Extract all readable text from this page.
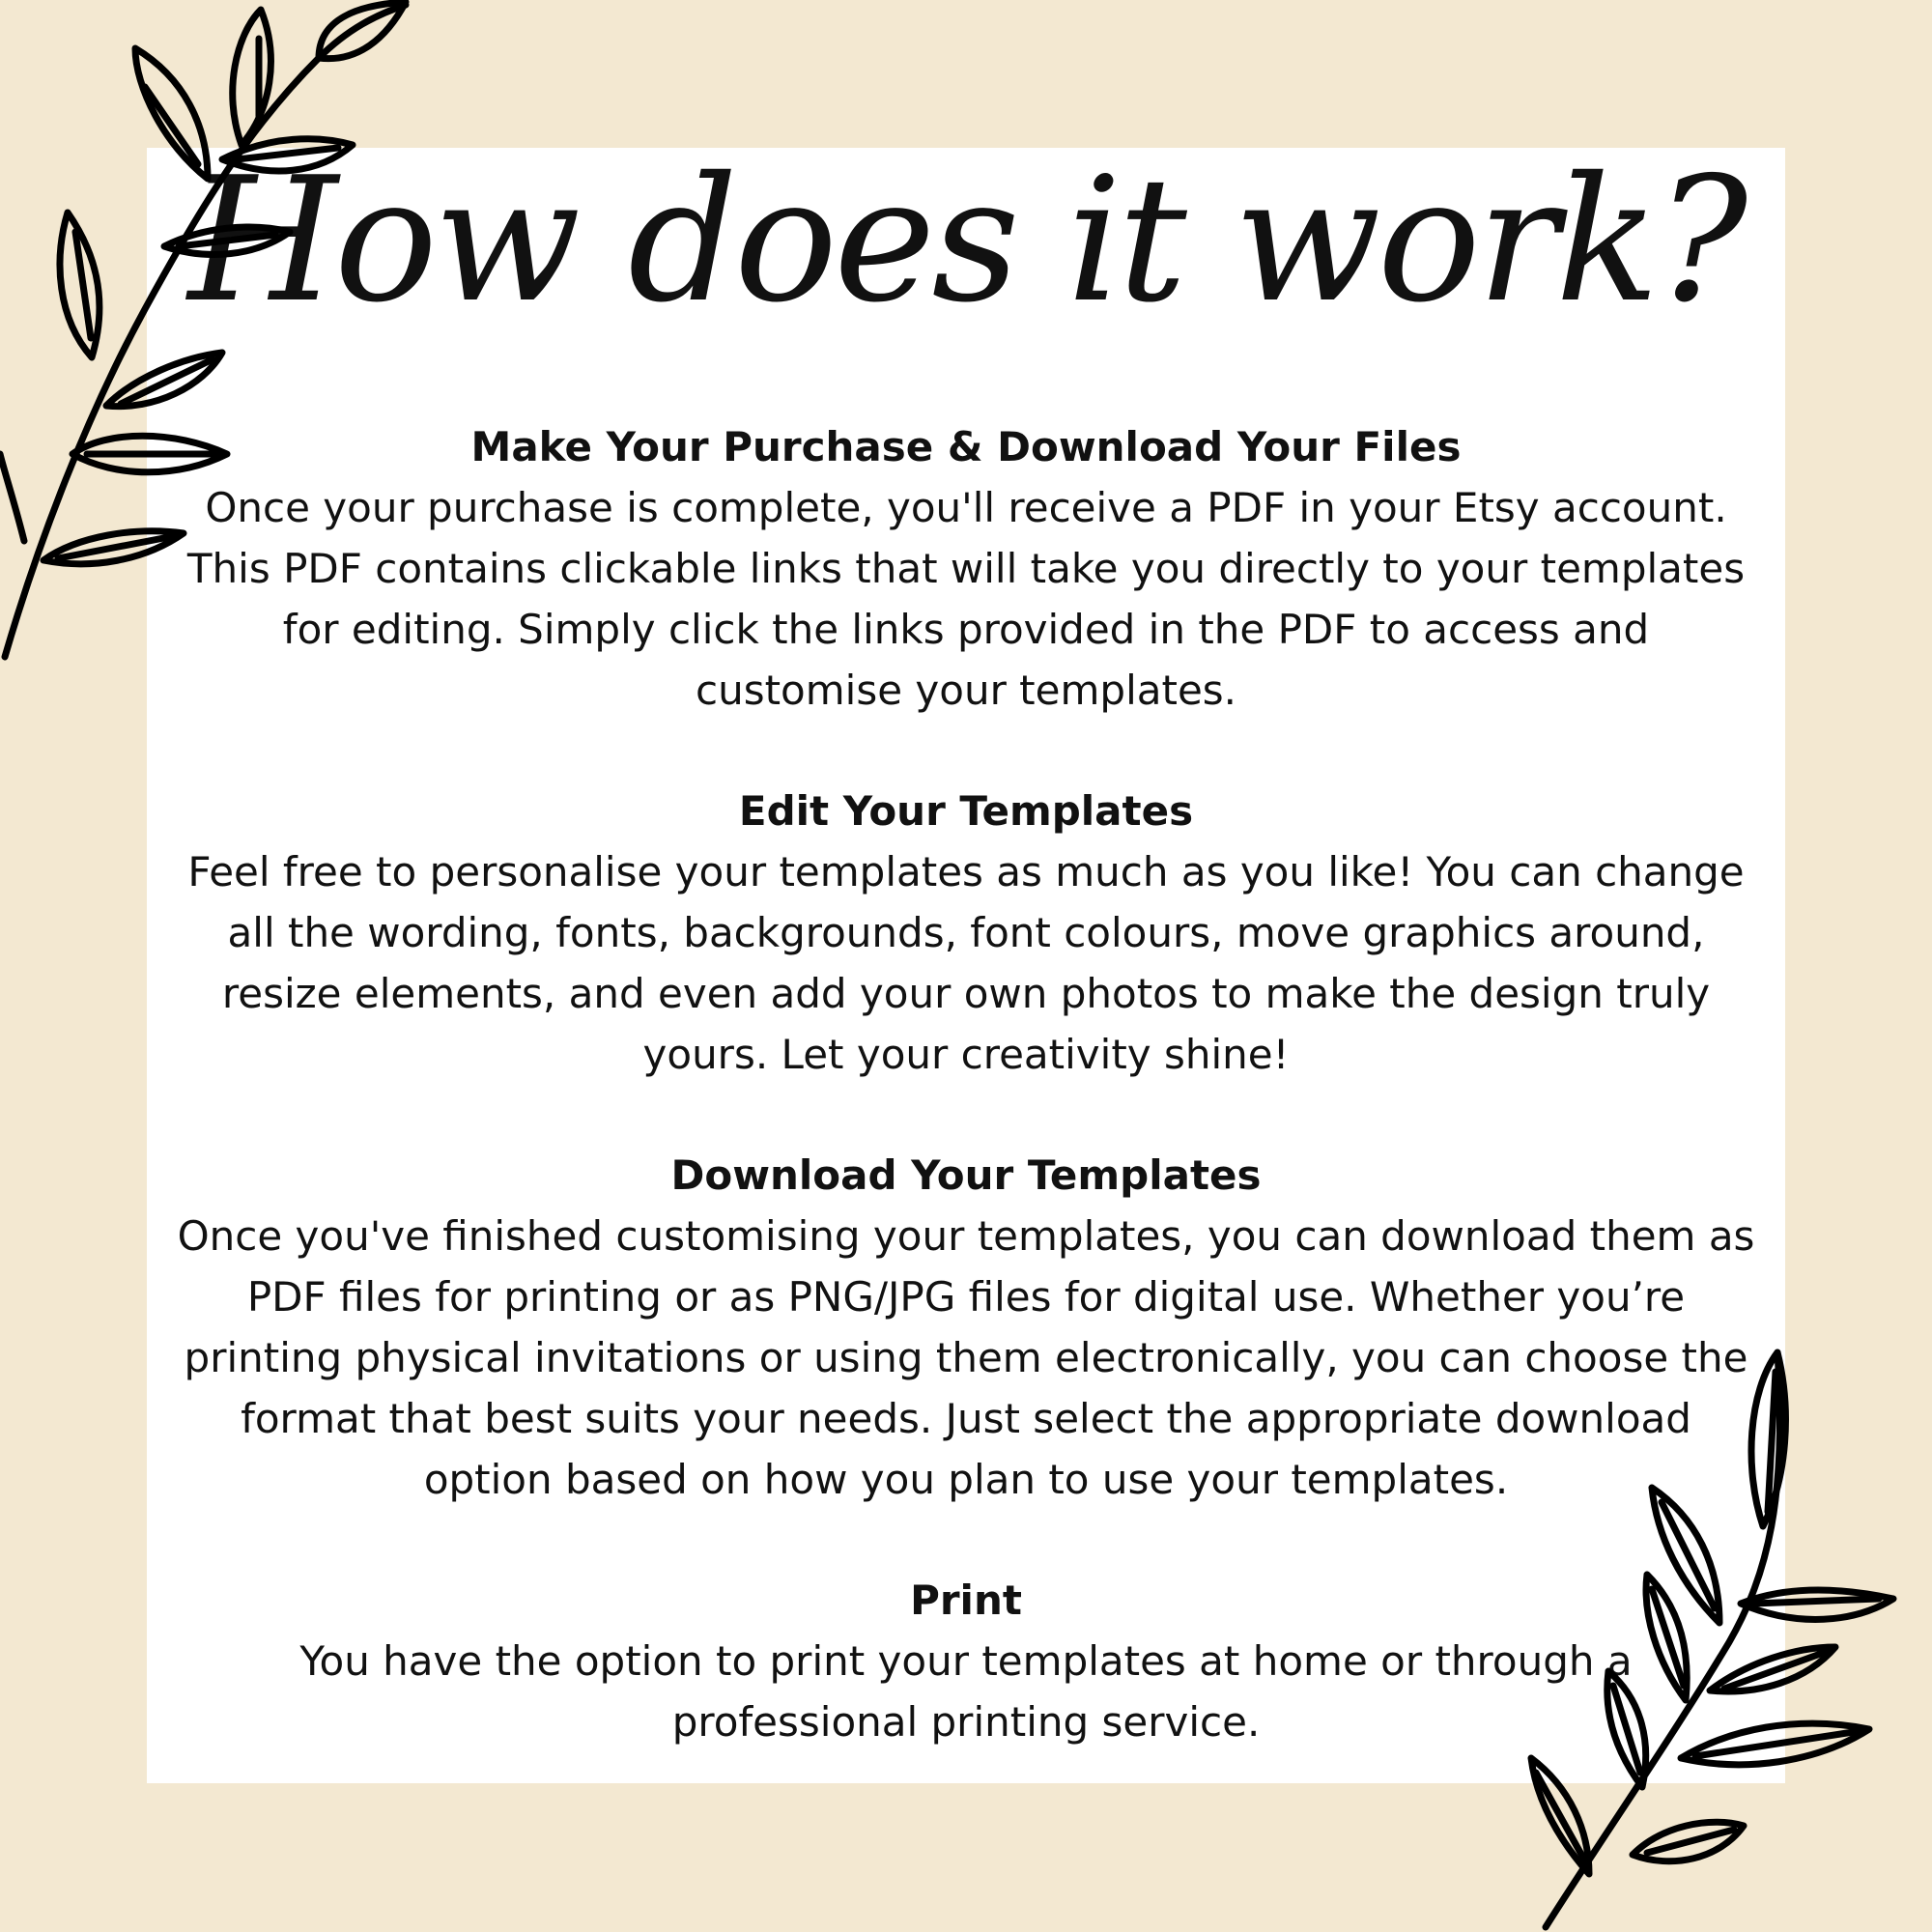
How does it work?
Make Your Purchase & Download Your Files
Once your purchase is complete, you'll receive a PDF in your Etsy account. This PDF contains clickable links that will take you directly to your templates for editing. Simply click the links provided in the PDF to access and customise your templates.
Edit Your Templates
Feel free to personalise your templates as much as you like! You can change all the wording, fonts, backgrounds, font colours, move graphics around, resize elements, and even add your own photos to make the design truly yours. Let your creativity shine!
Download Your Templates
Once you've finished customising your templates, you can download them as PDF files for printing or as PNG/JPG files for digital use. Whether you’re printing physical invitations or using them electronically, you can choose the format that best suits your needs. Just select the appropriate download option based on how you plan to use your templates.
Print
You have the option to print your templates at home or through a professional printing service.
